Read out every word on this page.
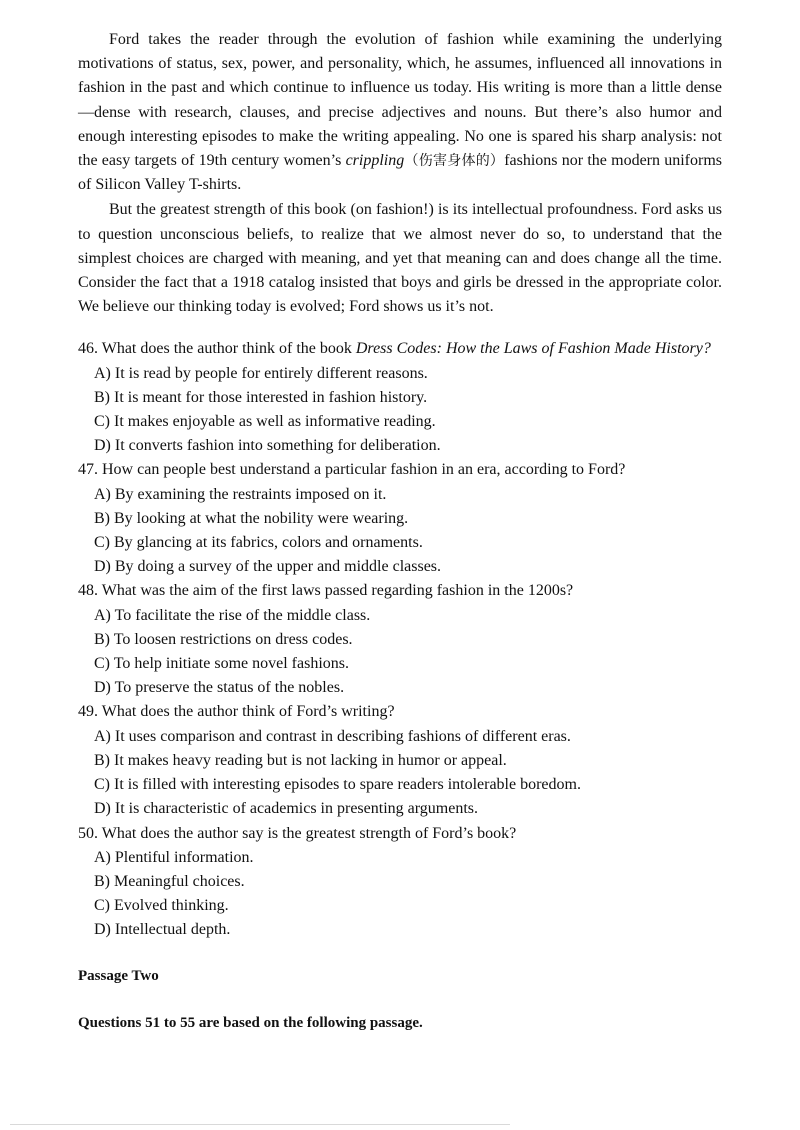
Ford takes the reader through the evolution of fashion while examining the underlying motivations of status, sex, power, and personality, which, he assumes, influenced all innovations in fashion in the past and which continue to influence us today. His writing is more than a little dense—dense with research, clauses, and precise adjectives and nouns. But there’s also humor and enough interesting episodes to make the writing appealing. No one is spared his sharp analysis: not the easy targets of 19th century women’s crippling（伤害身体的）fashions nor the modern uniforms of Silicon Valley T-shirts.

But the greatest strength of this book (on fashion!) is its intellectual profoundness. Ford asks us to question unconscious beliefs, to realize that we almost never do so, to understand that the simplest choices are charged with meaning, and yet that meaning can and does change all the time. Consider the fact that a 1918 catalog insisted that boys and girls be dressed in the appropriate color. We believe our thinking today is evolved; Ford shows us it’s not.

46. What does the author think of the book Dress Codes: How the Laws of Fashion Made History?

A) It is read by people for entirely different reasons.
B) It is meant for those interested in fashion history.
C) It makes enjoyable as well as informative reading.
D) It converts fashion into something for deliberation.

47. How can people best understand a particular fashion in an era, according to Ford?

A) By examining the restraints imposed on it.
B) By looking at what the nobility were wearing.
C) By glancing at its fabrics, colors and ornaments.
D) By doing a survey of the upper and middle classes.

48. What was the aim of the first laws passed regarding fashion in the 1200s?

A) To facilitate the rise of the middle class.
B) To loosen restrictions on dress codes.
C) To help initiate some novel fashions.
D) To preserve the status of the nobles.

49. What does the author think of Ford’s writing?

A) It uses comparison and contrast in describing fashions of different eras.
B) It makes heavy reading but is not lacking in humor or appeal.
C) It is filled with interesting episodes to spare readers intolerable boredom.
D) It is characteristic of academics in presenting arguments.

50. What does the author say is the greatest strength of Ford’s book?

A) Plentiful information.
B) Meaningful choices.
C) Evolved thinking.
D) Intellectual depth.

Passage Two

Questions 51 to 55 are based on the following passage.
